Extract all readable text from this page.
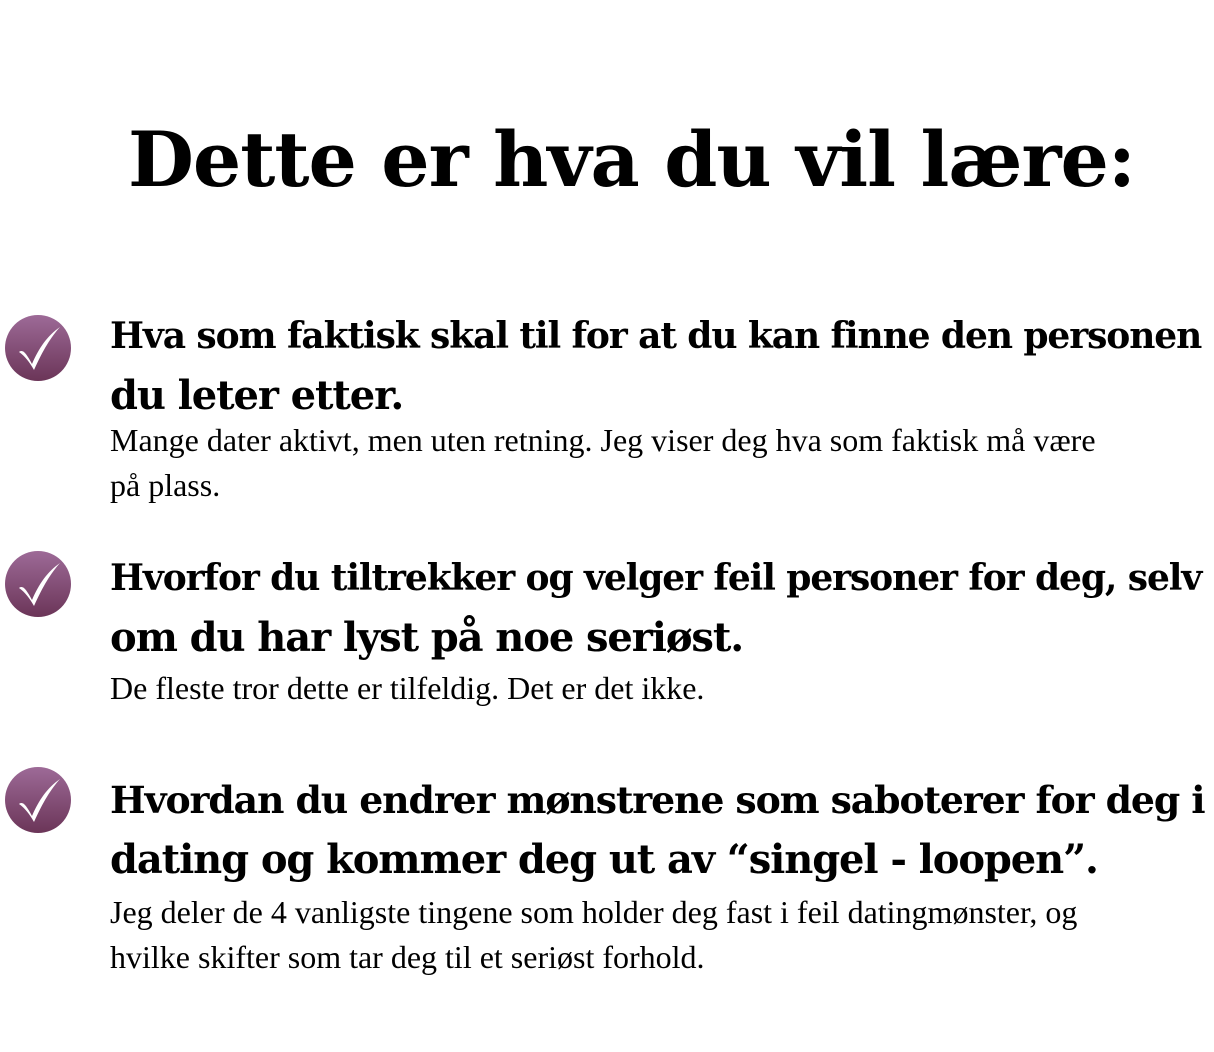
Dette er hva du vil lære:
Hva som faktisk skal til for at du kan finne den personen
du leter etter.

Mange dater aktivt, men uten retning. Jeg viser deg hva som faktisk må være
på plass.

Hvorfor du tiltrekker og velger feil personer for deg, selv
om du har lyst på noe seriøst.

De fleste tror dette er tilfeldig. Det er det ikke.

Hvordan du endrer mønstrene som saboterer for deg i
dating og kommer deg ut av “singel - loopen”.

Jeg deler de 4 vanligste tingene som holder deg fast i feil datingmønster, og
hvilke skifter som tar deg til et seriøst forhold.
